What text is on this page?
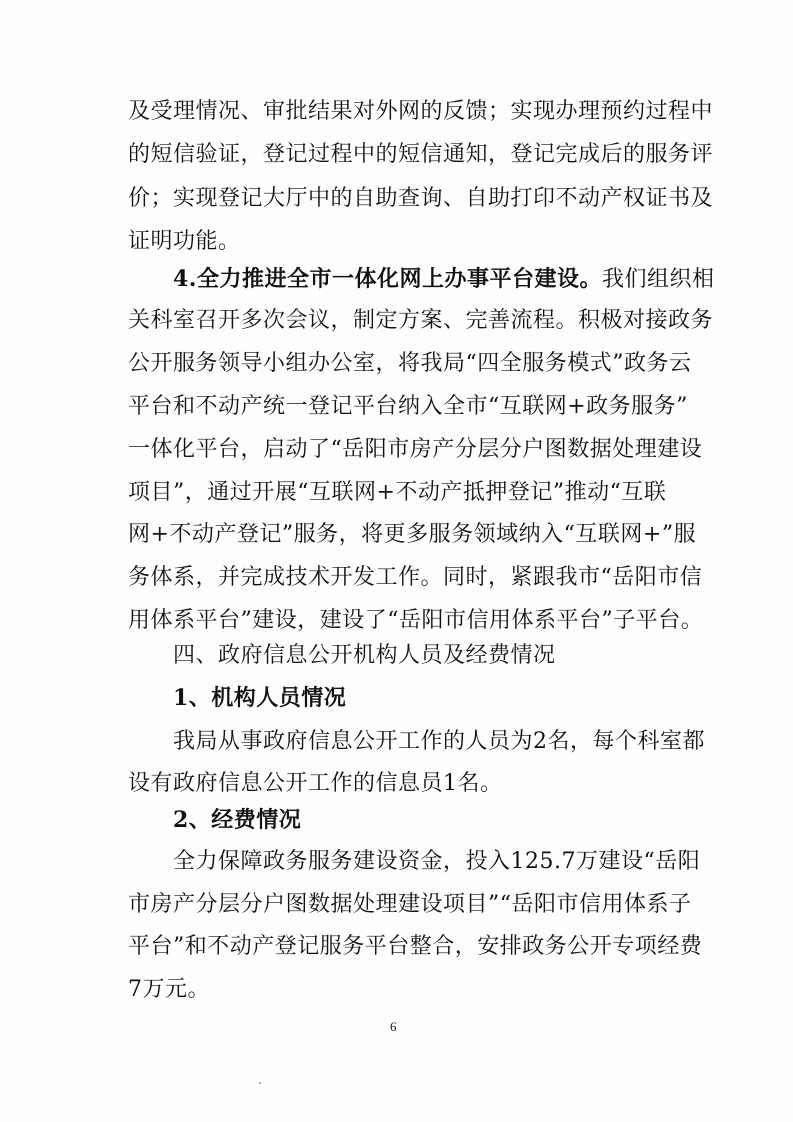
及受理情况、审批结果对外网的反馈；实现办理预约过程中
的短信验证，登记过程中的短信通知，登记完成后的服务评
价；实现登记大厅中的自助查询、自助打印不动产权证书及
证明功能。
4.全力推进全市一体化网上办事平台建设。我们组织相
关科室召开多次会议，制定方案、完善流程。积极对接政务
公开服务领导小组办公室，将我局“四全服务模式”政务云
平台和不动产统一登记平台纳入全市“互联网+政务服务”
一体化平台，启动了“岳阳市房产分层分户图数据处理建设
项目”，通过开展“互联网+不动产抵押登记”推动“互联
网+不动产登记”服务，将更多服务领域纳入“互联网+”服
务体系，并完成技术开发工作。同时，紧跟我市“岳阳市信
用体系平台”建设，建设了“岳阳市信用体系平台”子平台。
四、政府信息公开机构人员及经费情况
1、机构人员情况
我局从事政府信息公开工作的人员为2名，每个科室都
设有政府信息公开工作的信息员1名。
2、经费情况
全力保障政务服务建设资金，投入125.7万建设“岳阳
市房产分层分户图数据处理建设项目”“岳阳市信用体系子
平台”和不动产登记服务平台整合，安排政务公开专项经费
7万元。
6
